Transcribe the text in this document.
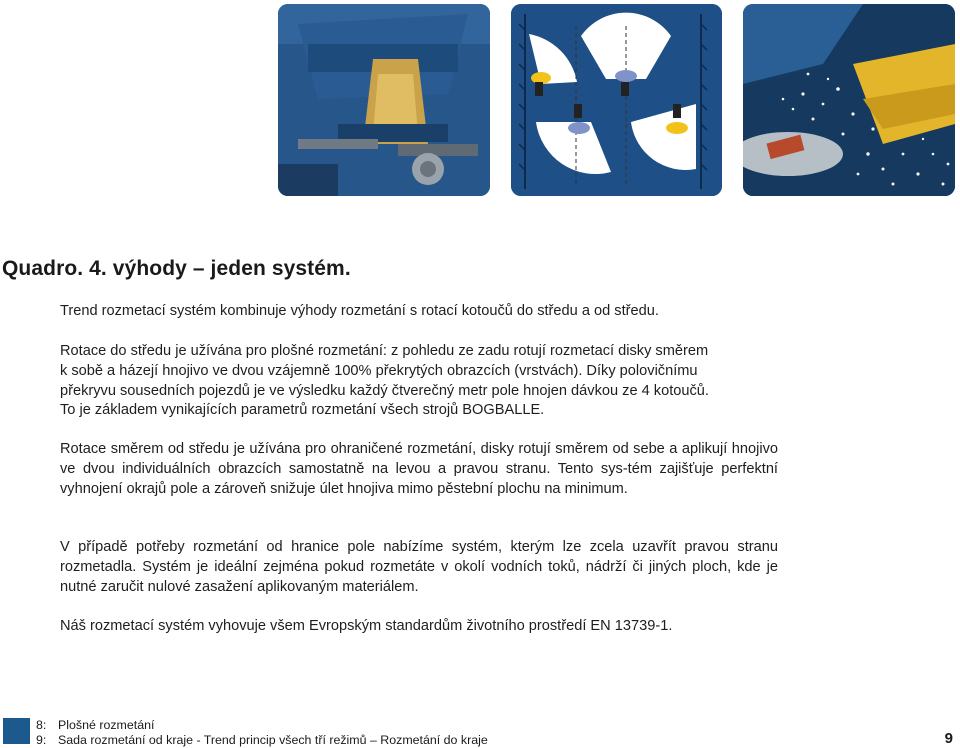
Quadro. 4. výhody – jeden systém.

Trend rozmetací systém kombinuje výhody rozmetání s rotací kotoučů do středu a od středu.

Rotace do středu je užívána pro plošné rozmetání: z pohledu ze zadu rotují rozmetací disky směrem
k sobě a házejí hnojivo ve dvou vzájemně 100% překrytých obrazcích (vrstvách). Díky polovičnímu
překryvu sousedních pojezdů je ve výsledku každý čtverečný metr pole hnojen dávkou ze 4 kotoučů.
To je základem vynikajících parametrů rozmetání všech strojů BOGBALLE.

Rotace směrem od středu je užívána pro ohraničené rozmetání, disky rotují směrem od sebe a aplikují hnojivo ve dvou individuálních obrazcích samostatně na levou a pravou stranu. Tento sys-tém zajišťuje perfektní vyhnojení okrajů pole a zároveň snižuje úlet hnojiva mimo pěstební plochu na minimum.

V případě potřeby rozmetání od hranice pole nabízíme systém, kterým lze zcela uzavřít pravou stranu rozmetadla. Systém je ideální zejména pokud rozmetáte v okolí vodních toků, nádrží či jiných ploch, kde je nutné zaručit nulové zasažení aplikovaným materiálem.

Náš rozmetací systém vyhovuje všem Evropským standardům životního prostředí EN 13739-1.

8: Plošné rozmetání
9: Sada rozmetání od kraje - Trend princip všech tří režimů – Rozmetání do kraje	9
